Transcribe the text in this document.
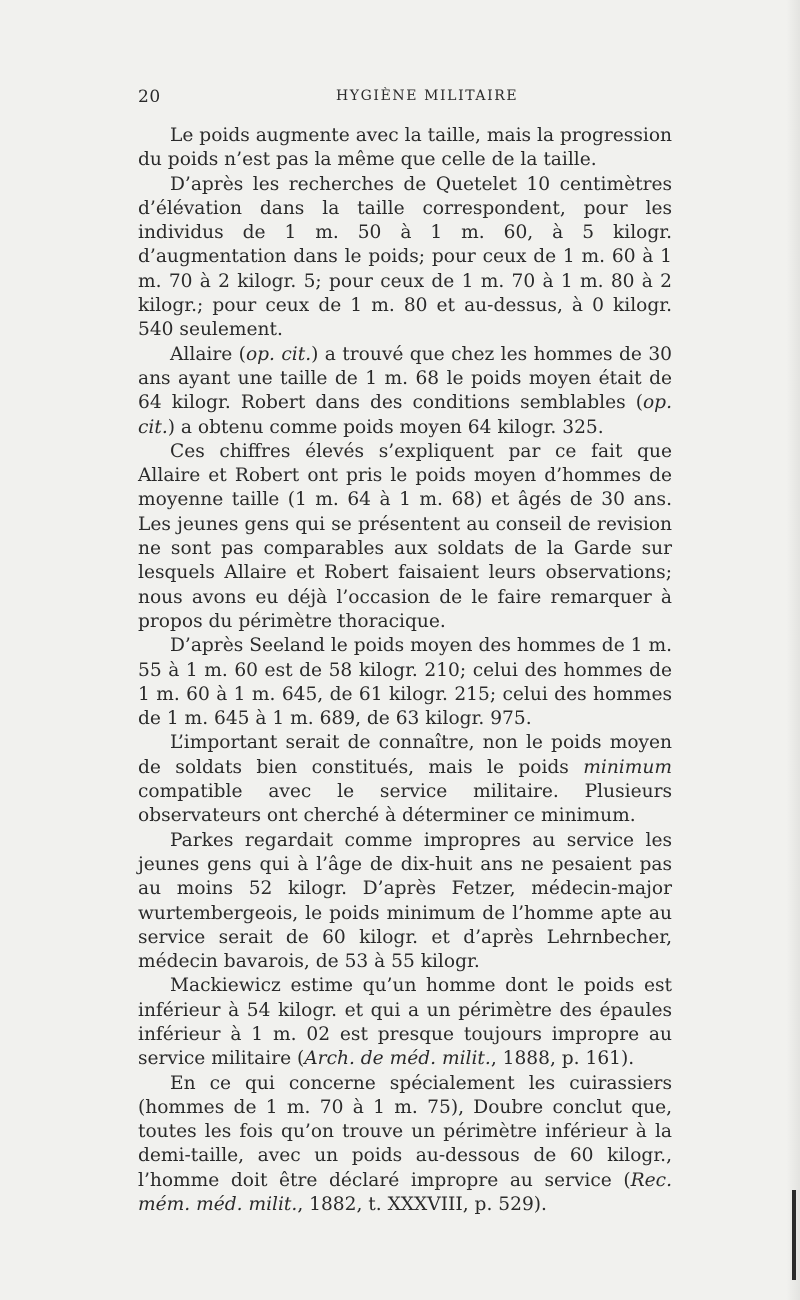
20	HYGIÈNE MILITAIRE

Le poids augmente avec la taille, mais la progression du poids n’est pas la même que celle de la taille.

D’après les recherches de Quetelet 10 centimètres d’élévation dans la taille correspondent, pour les individus de 1 m. 50 à 1 m. 60, à 5 kilogr. d’augmentation dans le poids; pour ceux de 1 m. 60 à 1 m. 70 à 2 kilogr. 5; pour ceux de 1 m. 70 à 1 m. 80 à 2 kilogr.; pour ceux de 1 m. 80 et au-dessus, à 0 kilogr. 540 seulement.

Allaire (op. cit.) a trouvé que chez les hommes de 30 ans ayant une taille de 1 m. 68 le poids moyen était de 64 kilogr. Robert dans des conditions semblables (op. cit.) a obtenu comme poids moyen 64 kilogr. 325.

Ces chiffres élevés s’expliquent par ce fait que Allaire et Robert ont pris le poids moyen d’hommes de moyenne taille (1 m. 64 à 1 m. 68) et âgés de 30 ans. Les jeunes gens qui se présentent au conseil de revision ne sont pas comparables aux soldats de la Garde sur lesquels Allaire et Robert faisaient leurs observations; nous avons eu déjà l’occasion de le faire remarquer à propos du périmètre thoracique.

D’après Seeland le poids moyen des hommes de 1 m. 55 à 1 m. 60 est de 58 kilogr. 210; celui des hommes de 1 m. 60 à 1 m. 645, de 61 kilogr. 215; celui des hommes de 1 m. 645 à 1 m. 689, de 63 kilogr. 975.

L’important serait de connaître, non le poids moyen de soldats bien constitués, mais le poids minimum compatible avec le service militaire. Plusieurs observateurs ont cherché à déterminer ce minimum.

Parkes regardait comme impropres au service les jeunes gens qui à l’âge de dix-huit ans ne pesaient pas au moins 52 kilogr. D’après Fetzer, médecin-major wurtembergeois, le poids minimum de l’homme apte au service serait de 60 kilogr. et d’après Lehrnbecher, médecin bavarois, de 53 à 55 kilogr.

Mackiewicz estime qu’un homme dont le poids est inférieur à 54 kilogr. et qui a un périmètre des épaules inférieur à 1 m. 02 est presque toujours impropre au service militaire (Arch. de méd. milit., 1888, p. 161).

En ce qui concerne spécialement les cuirassiers (hommes de 1 m. 70 à 1 m. 75), Doubre conclut que, toutes les fois qu’on trouve un périmètre inférieur à la demi-taille, avec un poids au-dessous de 60 kilogr., l’homme doit être déclaré impropre au service (Rec. mém. méd. milit., 1882, t. XXXVIII, p. 529).
